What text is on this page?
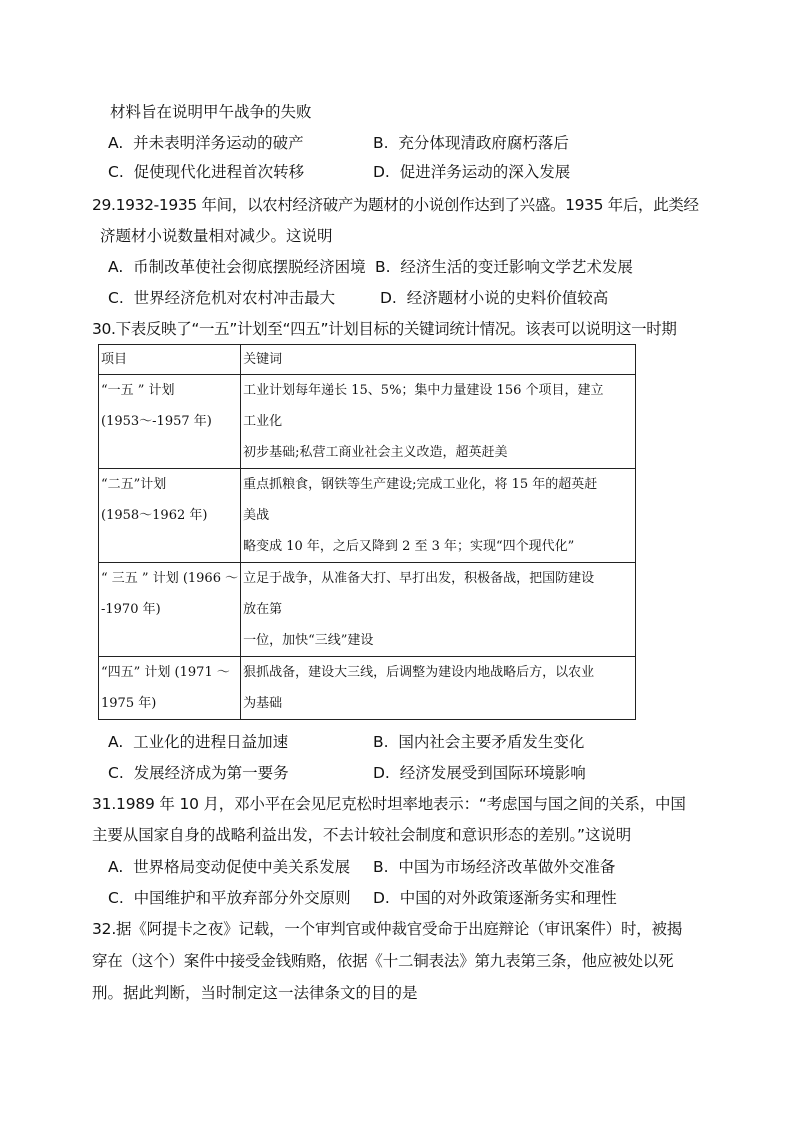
材料旨在说明甲午战争的失败
A. 并未表明洋务运动的破产	B. 充分体现清政府腐朽落后
C. 促使现代化进程首次转移	D. 促进洋务运动的深入发展
29.1932-1935 年间，以农村经济破产为题材的小说创作达到了兴盛。1935 年后，此类经
济题材小说数量相对减少。这说明
A. 币制改革使社会彻底摆脱经济困境 B. 经济生活的变迁影响文学艺术发展
C. 世界经济危机对农村冲击最大	D. 经济题材小说的史料价值较高
30.下表反映了“一五”计划至“四五”计划目标的关键词统计情况。该表可以说明这一时期
项目	关键词

“一五 ” 计划
(1953～-1957 年)	工业计划每年递长 15、5%；集中力量建设 156 个项目，建立
工业化
初步基础;私营工商业社会主义改造，超英赶美

“二五”计划
(1958～1962 年)	重点抓粮食，钢铁等生产建设;完成工业化，将 15 年的超英赶
美战
略变成 10 年，之后又降到 2 至 3 年；实现“四个现代化”

“ 三五 ” 计划 (1966 ～
-1970 年)	立足于战争，从准备大打、早打出发，积极备战，把国防建设
放在第
一位，加快“三线”建设

“四五” 计划 (1971 ～
1975 年)	狠抓战备，建设大三线，后调整为建设内地战略后方，以农业
为基础
A. 工业化的进程日益加速	B. 国内社会主要矛盾发生变化
C. 发展经济成为第一要务	D. 经济发展受到国际环境影响
31.1989 年 10 月，邓小平在会见尼克松时坦率地表示：“考虑国与国之间的关系，中国
主要从国家自身的战略利益出发，不去计较社会制度和意识形态的差别。”这说明
A. 世界格局变动促使中美关系发展 B. 中国为市场经济改革做外交准备
C. 中国维护和平放弃部分外交原则 D. 中国的对外政策逐渐务实和理性
32.据《阿提卡之夜》记载，一个审判官或仲裁官受命于出庭辩论（审讯案件）时，被揭
穿在（这个）案件中接受金钱贿赂，依据《十二铜表法》第九表第三条，他应被处以死
刑。据此判断，当时制定这一法律条文的目的是
